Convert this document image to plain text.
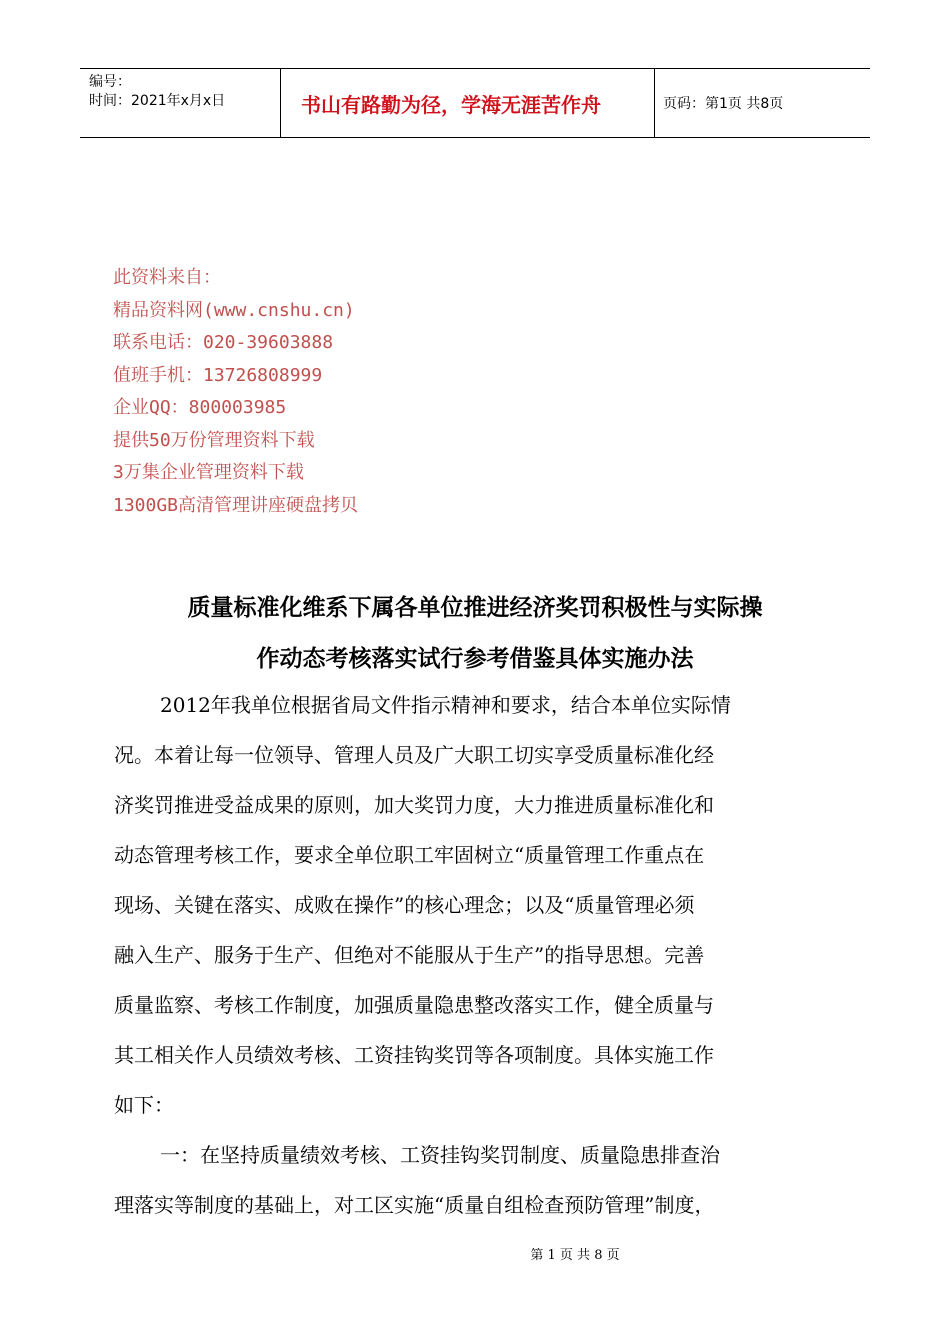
编号：
时间：2021年x月x日	书山有路勤为径，学海无涯苦作舟	页码：第1页 共8页
此资料来自：
精品资料网(www.cnshu.cn)
联系电话：020-39603888
值班手机：13726808999
企业QQ：800003985
提供50万份管理资料下载
3万集企业管理资料下载
1300GB高清管理讲座硬盘拷贝
质量标准化维系下属各单位推进经济奖罚积极性与实际操
作动态考核落实试行参考借鉴具体实施办法
2012年我单位根据省局文件指示精神和要求，结合本单位实际情
况。本着让每一位领导、管理人员及广大职工切实享受质量标准化经
济奖罚推进受益成果的原则，加大奖罚力度，大力推进质量标准化和
动态管理考核工作，要求全单位职工牢固树立“质量管理工作重点在
现场、关键在落实、成败在操作”的核心理念；以及“质量管理必须
融入生产、服务于生产、但绝对不能服从于生产”的指导思想。完善
质量监察、考核工作制度，加强质量隐患整改落实工作，健全质量与
其工相关作人员绩效考核、工资挂钩奖罚等各项制度。具体实施工作
如下：
一：在坚持质量绩效考核、工资挂钩奖罚制度、质量隐患排查治
理落实等制度的基础上，对工区实施“质量自组检查预防管理”制度，
第 1 页 共 8 页
